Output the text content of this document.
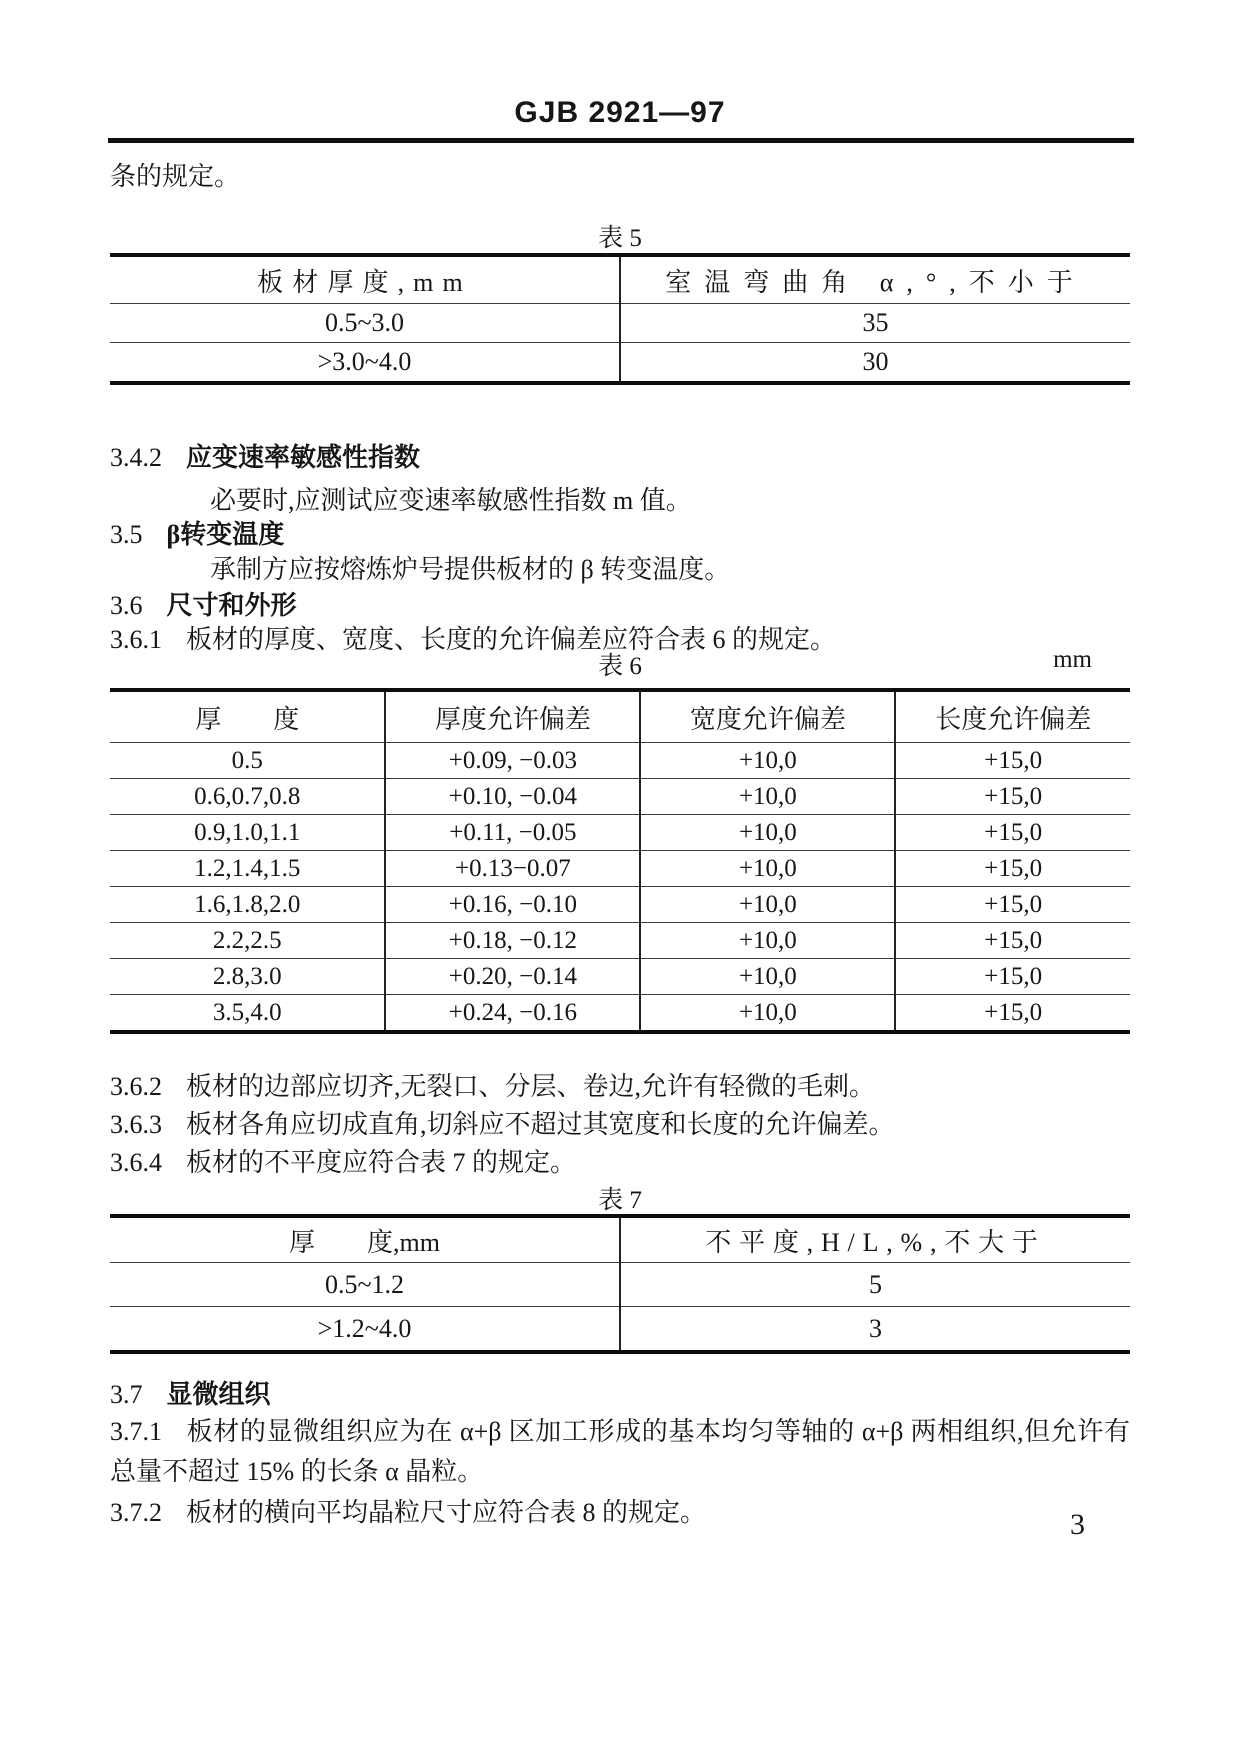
GJB 2921—97

条的规定。

表 5
板材厚度,mm	室温弯曲角 α,°,不小于
0.5~3.0	35
>3.0~4.0	30

3.4.2 应变速率敏感性指数

必要时,应测试应变速率敏感性指数 m 值。

3.5 β转变温度

承制方应按熔炼炉号提供板材的 β 转变温度。

3.6 尺寸和外形

3.6.1 板材的厚度、宽度、长度的允许偏差应符合表 6 的规定。

表 6	mm
厚　　度	厚度允许偏差	宽度允许偏差	长度允许偏差
0.5	+0.09, −0.03	+10,0	+15,0
0.6,0.7,0.8	+0.10, −0.04	+10,0	+15,0
0.9,1.0,1.1	+0.11, −0.05	+10,0	+15,0
1.2,1.4,1.5	+0.13−0.07	+10,0	+15,0
1.6,1.8,2.0	+0.16, −0.10	+10,0	+15,0
2.2,2.5	+0.18, −0.12	+10,0	+15,0
2.8,3.0	+0.20, −0.14	+10,0	+15,0
3.5,4.0	+0.24, −0.16	+10,0	+15,0

3.6.2 板材的边部应切齐,无裂口、分层、卷边,允许有轻微的毛刺。

3.6.3 板材各角应切成直角,切斜应不超过其宽度和长度的允许偏差。

3.6.4 板材的不平度应符合表 7 的规定。

表 7
厚　　度,mm	不平度,H/L,%,不大于
0.5~1.2	5
>1.2~4.0	3

3.7 显微组织

3.7.1 板材的显微组织应为在 α+β 区加工形成的基本均匀等轴的 α+β 两相组织,但允许有总量不超过 15% 的长条 α 晶粒。

3.7.2 板材的横向平均晶粒尺寸应符合表 8 的规定。	3
